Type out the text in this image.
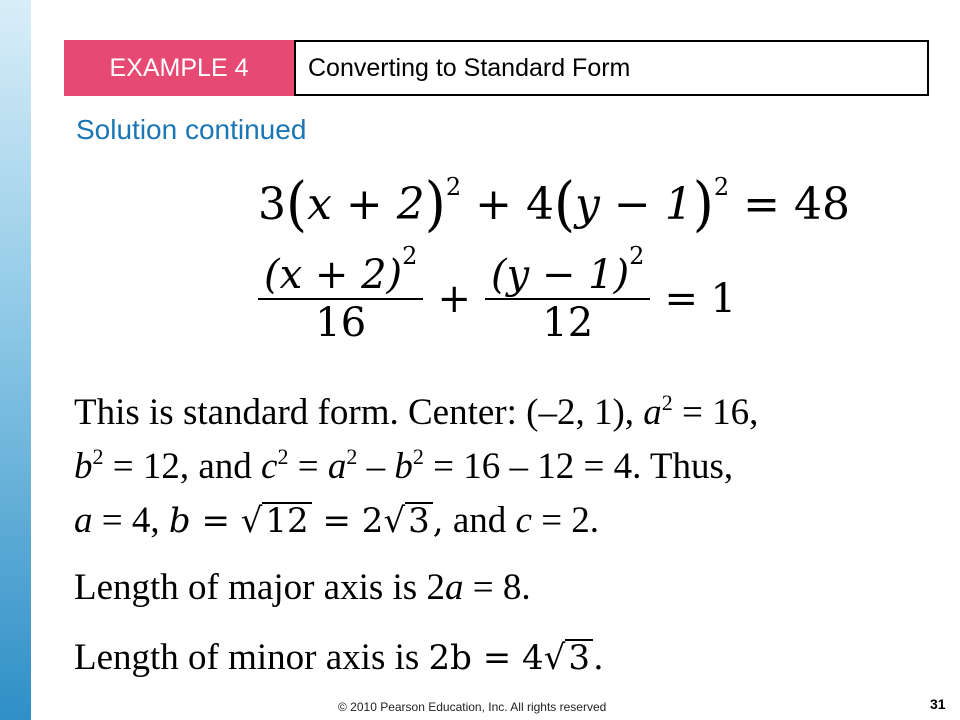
EXAMPLE 4	Converting to Standard Form
Solution continued
$3(x + 2)^2 + 4(y - 1)^2 = 48$
$\frac{(x + 2)^2}{16} + \frac{(y - 1)^2}{12} = 1$
This is standard form. Center: (–2, 1), $a^2 = 16$,
$b^2 = 12$, and $c^2 = a^2 - b^2 = 16 - 12 = 4$. Thus,
a = 4, b = √12 = 2√3, and c = 2.
Length of major axis is 2a = 8.
Length of minor axis is 2b = 4√3.
© 2010 Pearson Education, Inc. All rights reserved	31
